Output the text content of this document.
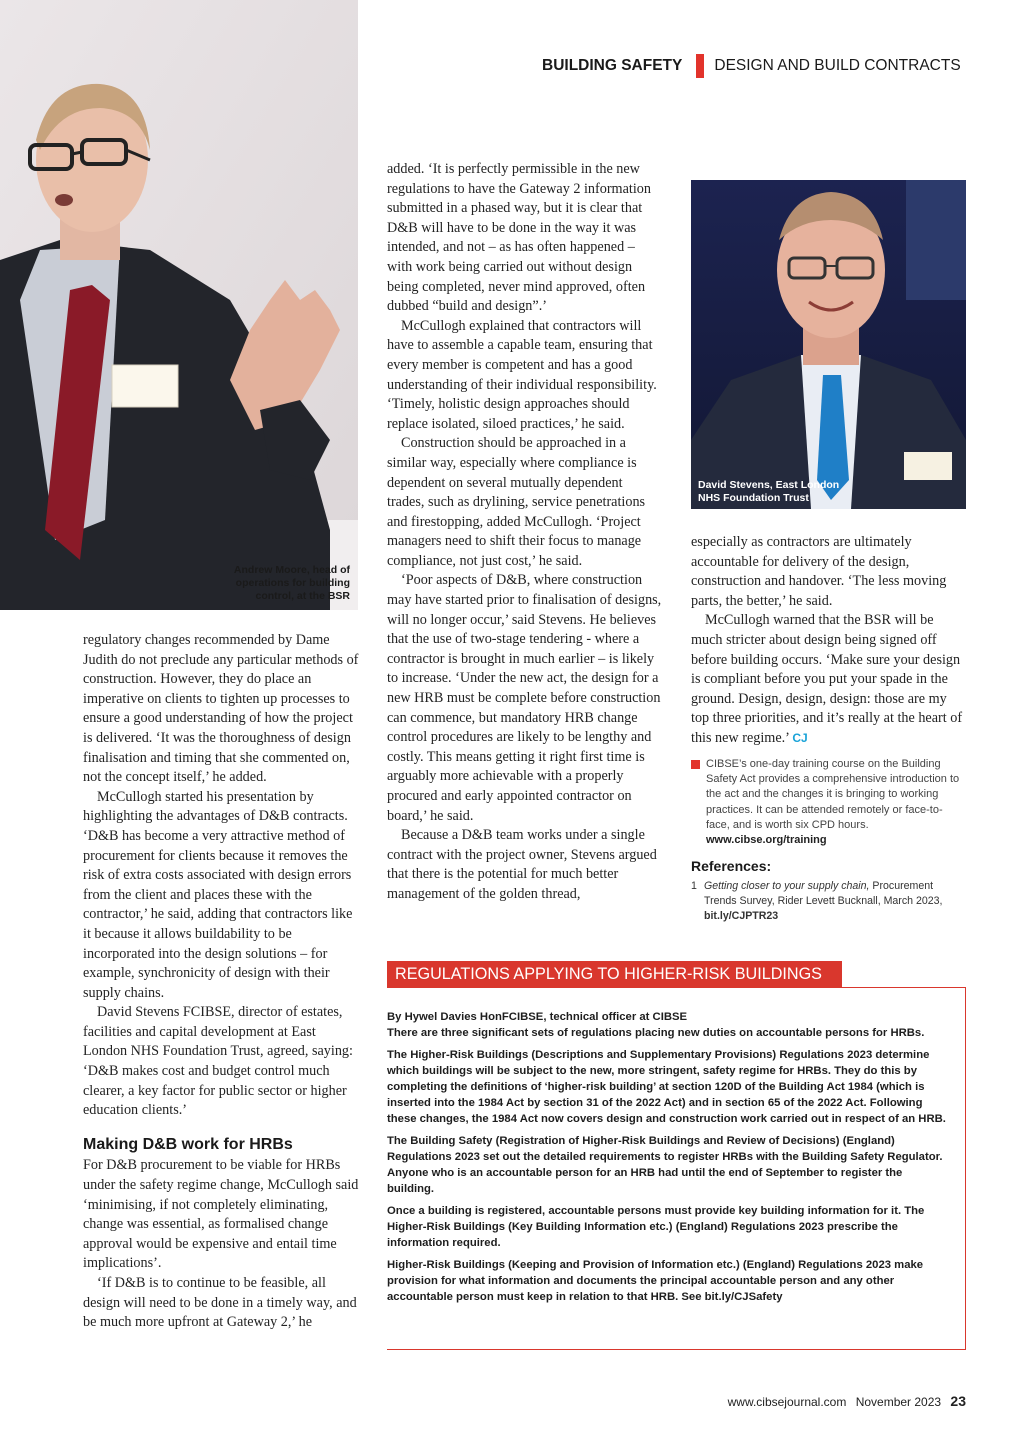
BUILDING SAFETY DESIGN AND BUILD CONTRACTS
Andrew Moore, head of
operations for building
control, at the BSR
David Stevens, East London
NHS Foundation Trust

regulatory changes recommended by Dame Judith do not preclude any particular methods of construction. However, they do place an imperative on clients to tighten up processes to ensure a good understanding of how the project is delivered. ‘It was the thoroughness of design finalisation and timing that she commented on, not the concept itself,’ he added.

McCullogh started his presentation by highlighting the advantages of D&B contracts. ‘D&B has become a very attractive method of procurement for clients because it removes the risk of extra costs associated with design errors from the client and places these with the contractor,’ he said, adding that contractors like it because it allows buildability to be incorporated into the design solutions – for example, synchronicity of design with their supply chains.

David Stevens FCIBSE, director of estates, facilities and capital development at East London NHS Foundation Trust, agreed, saying: ‘D&B makes cost and budget control much clearer, a key factor for public sector or higher education clients.’

Making D&B work for HRBs

For D&B procurement to be viable for HRBs under the safety regime change, McCullogh said ‘minimising, if not completely eliminating, change was essential, as formalised change approval would be expensive and entail time implications’.

‘If D&B is to continue to be feasible, all design will need to be done in a timely way, and be much more upfront at Gateway 2,’ he

added. ‘It is perfectly permissible in the new regulations to have the Gateway 2 information submitted in a phased way, but it is clear that D&B will have to be done in the way it was intended, and not – as has often happened – with work being carried out without design being completed, never mind approved, often dubbed “build and design”.’

McCullogh explained that contractors will have to assemble a capable team, ensuring that every member is competent and has a good understanding of their individual responsibility. ‘Timely, holistic design approaches should replace isolated, siloed practices,’ he said.

Construction should be approached in a similar way, especially where compliance is dependent on several mutually dependent trades, such as drylining, service penetrations and firestopping, added McCullogh. ‘Project managers need to shift their focus to manage compliance, not just cost,’ he said.

‘Poor aspects of D&B, where construction may have started prior to finalisation of designs, will no longer occur,’ said Stevens. He believes that the use of two-stage tendering - where a contractor is brought in much earlier – is likely to increase. ‘Under the new act, the design for a new HRB must be complete before construction can commence, but mandatory HRB change control procedures are likely to be lengthy and costly. This means getting it right first time is arguably more achievable with a properly procured and early appointed contractor on board,’ he said.

Because a D&B team works under a single contract with the project owner, Stevens argued that there is the potential for much better management of the golden thread,

especially as contractors are ultimately accountable for delivery of the design, construction and handover. ‘The less moving parts, the better,’ he said.

McCullogh warned that the BSR will be much stricter about design being signed off before building occurs. ‘Make sure your design is compliant before you put your spade in the ground. Design, design, design: those are my top three priorities, and it’s really at the heart of this new regime.’ CJ

CIBSE’s one-day training course on the Building Safety Act provides a comprehensive introduction to the act and the changes it is bringing to working practices. It can be attended remotely or face-to-face, and is worth six CPD hours.
www.cibse.org/training
References:
1 Getting closer to your supply chain, Procurement Trends Survey, Rider Levett Bucknall, March 2023,
bit.ly/CJPTR23
REGULATIONS APPLYING TO HIGHER-RISK BUILDINGS

By Hywel Davies HonFCIBSE, technical officer at CIBSE

There are three significant sets of regulations placing new duties on accountable persons for HRBs.

The Higher-Risk Buildings (Descriptions and Supplementary Provisions) Regulations 2023 determine which buildings will be subject to the new, more stringent, safety regime for HRBs. They do this by completing the definitions of ‘higher-risk building’ at section 120D of the Building Act 1984 (which is inserted into the 1984 Act by section 31 of the 2022 Act) and in section 65 of the 2022 Act. Following these changes, the 1984 Act now covers design and construction work carried out in respect of an HRB.

The Building Safety (Registration of Higher-Risk Buildings and Review of Decisions) (England) Regulations 2023 set out the detailed requirements to register HRBs with the Building Safety Regulator. Anyone who is an accountable person for an HRB had until the end of September to register the building.

Once a building is registered, accountable persons must provide key building information for it. The Higher-Risk Buildings (Key Building Information etc.) (England) Regulations 2023 prescribe the information required.

Higher-Risk Buildings (Keeping and Provision of Information etc.) (England) Regulations 2023 make provision for what information and documents the principal accountable person and any other accountable person must keep in relation to that HRB. See bit.ly/CJSafety

www.cibsejournal.com November 2023 23
